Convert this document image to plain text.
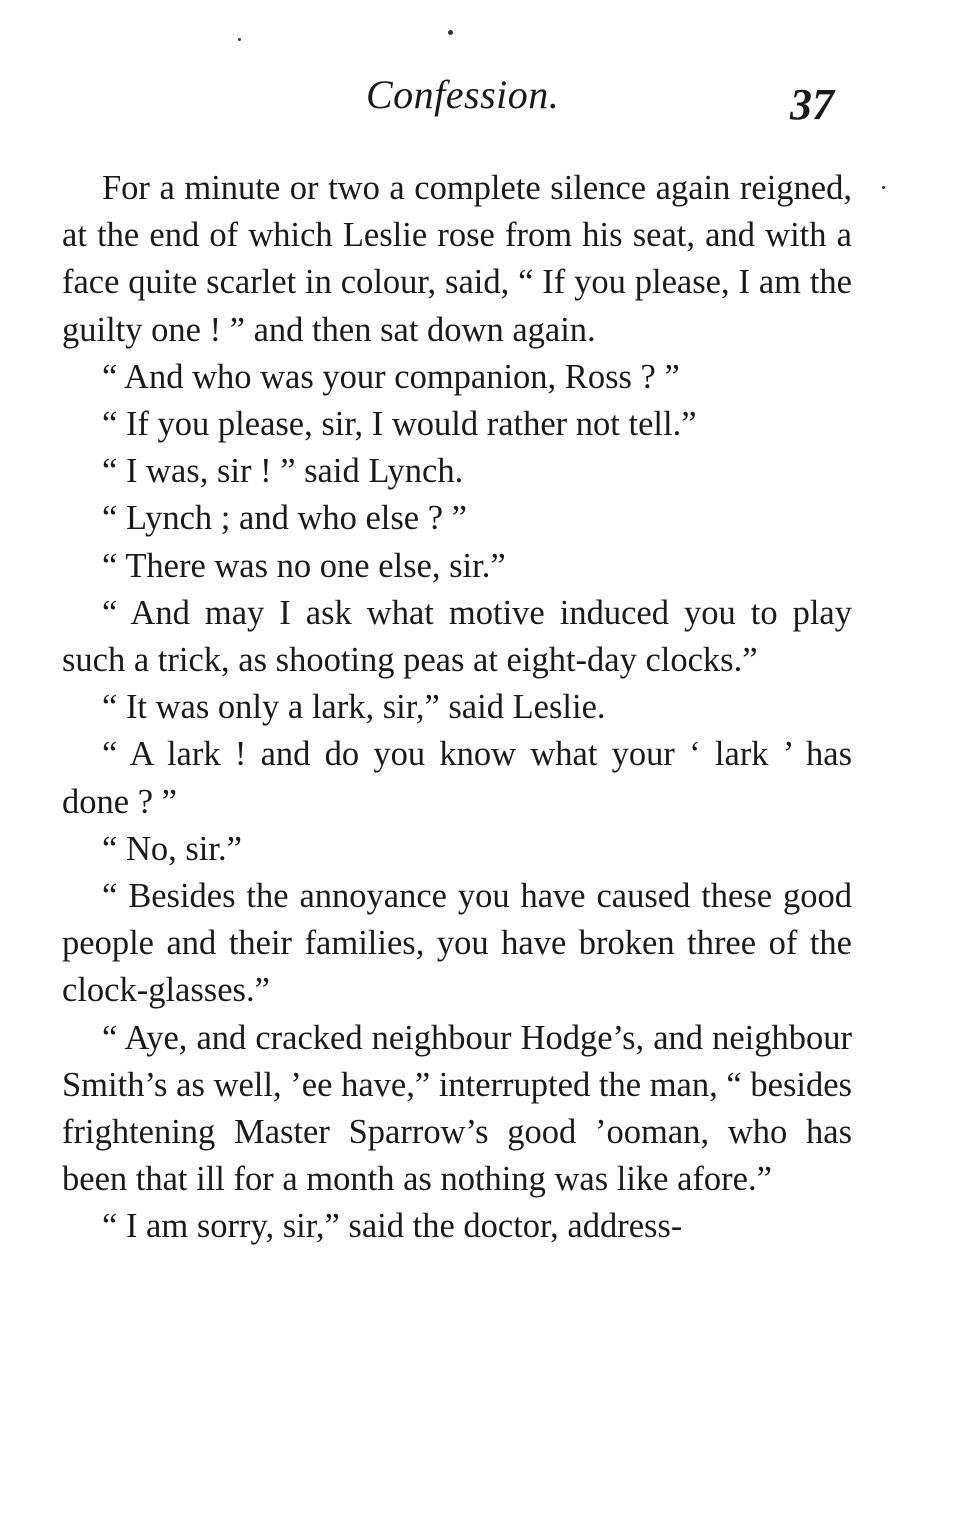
Confession.	37

For a minute or two a complete silence again reigned, at the end of which Leslie rose from his seat, and with a face quite scarlet in colour, said, “ If you please, I am the guilty one ! ” and then sat down again.

“ And who was your companion, Ross ? ”

“ If you please, sir, I would rather not tell.”

“ I was, sir ! ” said Lynch.

“ Lynch ; and who else ? ”

“ There was no one else, sir.”

“ And may I ask what motive induced you to play such a trick, as shooting peas at eight-day clocks.”

“ It was only a lark, sir,” said Leslie.

“ A lark ! and do you know what your ‘ lark ’ has done ? ”

“ No, sir.”

“ Besides the annoyance you have caused these good people and their families, you have broken three of the clock-glasses.”

“ Aye, and cracked neighbour Hodge’s, and neighbour Smith’s as well, ’ee have,” interrupted the man, “ besides frightening Master Sparrow’s good ’ooman, who has been that ill for a month as nothing was like afore.”

“ I am sorry, sir,” said the doctor, address-
